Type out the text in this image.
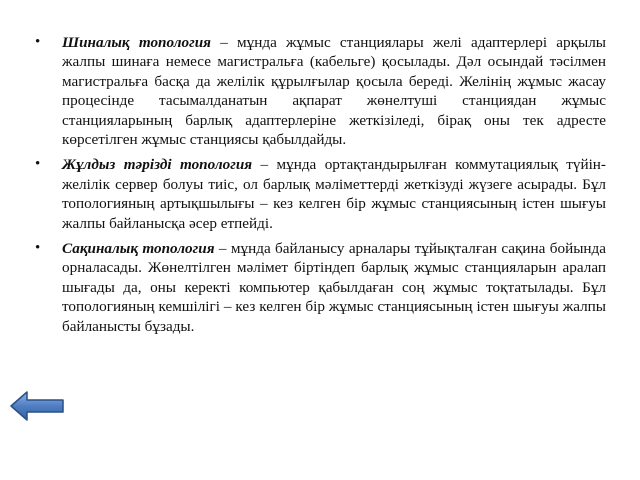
• Шиналық топология – мұнда жұмыс станциялары желі адаптерлері арқылы жалпы шинаға немесе магистральға (кабельге) қосылады. Дәл осындай тәсілмен магистральға басқа да желілік құрылғылар қосыла береді. Желінің жұмыс жасау процесінде тасымалданатын ақпарат жөнелтуші станциядан жұмыс станцияларының барлық адаптерлеріне жеткізіледі, бірақ оны тек адресте көрсетілген жұмыс станциясы қабылдайды.
• Жұлдыз тәрізді топология – мұнда ортақтандырылған коммутациялық түйін-желілік сервер болуы тиіс, ол барлық мәліметтерді жеткізуді жүзеге асырады. Бұл топологияның артықшылығы – кез келген бір жұмыс станциясының істен шығуы жалпы байланысқа әсер етпейді.
• Сақиналық топология – мұнда байланысу арналары тұйықталған сақина бойында орналасады. Жөнелтілген мәлімет біртіндеп барлық жұмыс станцияларын аралап шығады да, оны керекті компьютер қабылдаған соң жұмыс тоқтатылады. Бұл топологияның кемшілігі – кез келген бір жұмыс станциясының істен шығуы жалпы байланысты бұзады.
